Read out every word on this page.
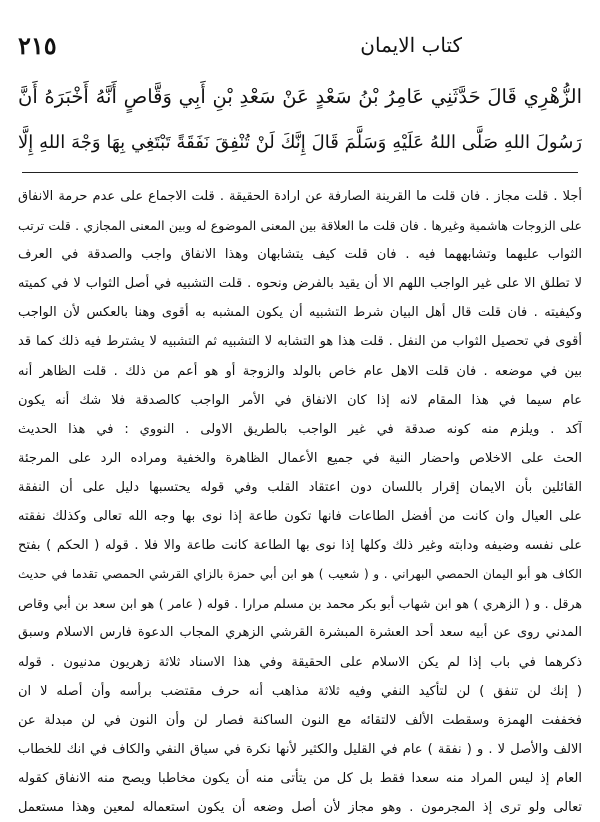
٢١٥	كتاب الايمان
الزُّهْرِي قَالَ حَدَّثَنِي عَامِرُ بْنُ سَعْدٍ عَنْ سَعْدِ بْنِ أَبِي وَقَّاصٍ أَنَّهُ أَخْبَرَهُ أَنَّ
رَسُولَ اللهِ صَلَّى اللهُ عَلَيْهِ وَسَلَّمَ قَالَ إِنَّكَ لَنْ تُنْفِقَ نَفَقَةً تَبْتَغِي بِهَا وَجْهَ اللهِ إِلَّا
أجلا . قلت مجاز . فان قلت ما القرينة الصارفة عن ارادة الحقيقة . قلت الاجماع على عدم حرمة الانفاق
على الزوجات هاشمية وغيرها . فان قلت ما العلاقة بين المعنى الموضوع له وبين المعنى المجازي . قلت ترتب
الثواب عليهما وتشابههما فيه . فان قلت كيف يتشابهان وهذا الانفاق واجب والصدقة في العرف
لا تطلق الا على غير الواجب اللهم الا أن يقيد بالفرض ونحوه . قلت التشبيه في أصل الثواب لا في كميته
وكيفيته . فان قلت قال أهل البيان شرط التشبيه أن يكون المشبه به أقوى وهنا بالعكس لأن الواجب
أقوى في تحصيل الثواب من النفل . قلت هذا هو التشابه لا التشبيه ثم التشبيه لا يشترط فيه ذلك كما قد
بين في موضعه . فان قلت الاهل عام خاص بالولد والزوجة أو هو أعم من ذلك . قلت الظاهر أنه
عام سيما في هذا المقام لانه إذا كان الانفاق في الأمر الواجب كالصدقة فلا شك أنه يكون
آكد . ويلزم منه كونه صدقة في غير الواجب بالطريق الاولى . النووي : في هذا الحديث
الحث على الاخلاص واحضار النية في جميع الأعمال الظاهرة والخفية ومراده الرد على المرجئة
القائلين بأن الايمان إقرار باللسان دون اعتقاد القلب وفي قوله يحتسبها دليل على أن النفقة
على العيال وان كانت من أفضل الطاعات فانها تكون طاعة إذا نوى بها وجه الله تعالى وكذلك نفقته
على نفسه وضيفه ودابته وغير ذلك وكلها إذا نوى بها الطاعة كانت طاعة والا فلا . قوله ( الحكم ) بفتح
الكاف هو أبو اليمان الحمصي البهراني . و ( شعيب ) هو ابن أبي حمزة بالزاي القرشي الحمصي تقدما في حديث
هرقل . و ( الزهري ) هو ابن شهاب أبو بكر محمد بن مسلم مرارا . قوله ( عامر ) هو ابن سعد بن أبي وقاص
المدني روى عن أبيه سعد أحد العشرة المبشرة القرشي الزهري المجاب الدعوة فارس الاسلام وسبق
ذكرهما في باب إذا لم يكن الاسلام على الحقيقة وفي هذا الاسناد ثلاثة زهريون مدنيون . قوله
( إنك لن تنفق ) لن لتأكيد النفي وفيه ثلاثة مذاهب أنه حرف مقتضب برأسه وأن أصله لا ان
فخففت الهمزة وسقطت الألف لالتقائه مع النون الساكنة فصار لن وأن النون في لن مبدلة عن
الالف والأصل لا . و ( نفقة ) عام في القليل والكثير لأنها نكرة في سياق النفي والكاف في انك للخطاب
العام إذ ليس المراد منه سعدا فقط بل كل من يتأتى منه أن يكون مخاطبا ويصح منه الانفاق كقوله
تعالى ولو ترى إذ المجرمون . وهو مجاز لأن أصل وضعه أن يكون استعماله لمعين وهذا مستعمل
